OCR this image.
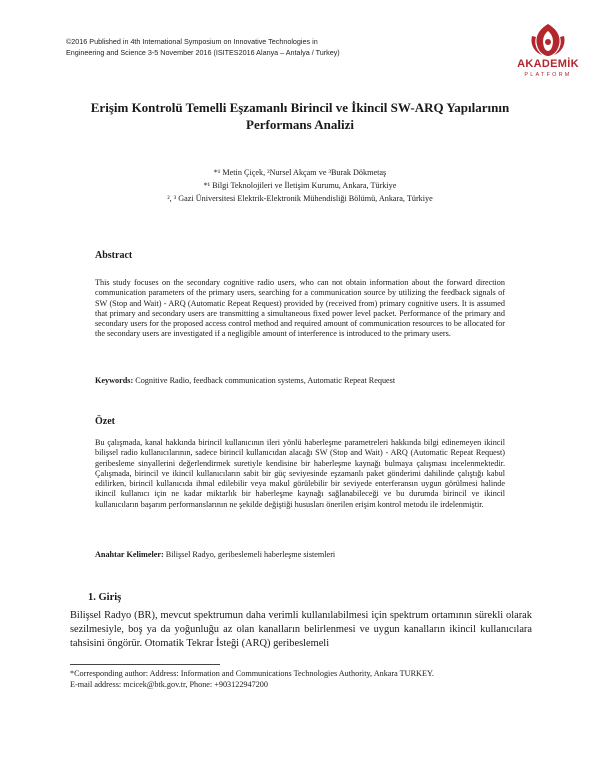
©2016 Published in 4th International Symposium on Innovative Technologies in
Engineering and Science 3-5 November 2016 (ISITES2016 Alanya – Antalya / Turkey)
AKADEMİK
PLATFORM
Erişim Kontrolü Temelli Eşzamanlı Birincil ve İkincil SW-ARQ Yapılarının
Performans Analizi
*¹ Metin Çiçek, ²Nursel Akçam ve ³Burak Dökmetaş
*¹ Bilgi Teknolojileri ve İletişim Kurumu, Ankara, Türkiye
², ³ Gazi Üniversitesi Elektrik-Elektronik Mühendisliği Bölümü, Ankara, Türkiye
Abstract
This study focuses on the secondary cognitive radio users, who can not obtain information about the forward direction communication parameters of the primary users, searching for a communication source by utilizing the feedback signals of SW (Stop and Wait) - ARQ (Automatic Repeat Request) provided by (received from) primary cognitive users. It is assumed that primary and secondary users are transmitting a simultaneous fixed power level packet. Performance of the primary and secondary users for the proposed access control method and required amount of communication resources to be allocated for the secondary users are investigated if a negligible amount of interference is introduced to the primary users.
Keywords: Cognitive Radio, feedback communication systems, Automatic Repeat Request
Özet
Bu çalışmada, kanal hakkında birincil kullanıcının ileri yönlü haberleşme parametreleri hakkında bilgi edinemeyen ikincil bilişsel radio kullanıcılarının, sadece birincil kullanıcıdan alacağı SW (Stop and Wait) - ARQ (Automatic Repeat Request) geribesleme sinyallerini değerlendirmek suretiyle kendisine bir haberleşme kaynağı bulmaya çalışması incelenmektedir. Çalışmada, birincil ve ikincil kullanıcıların sabit bir güç seviyesinde eşzamanlı paket gönderimi dahilinde çalıştığı kabul edilirken, birincil kullanıcıda ihmal edilebilir veya makul görülebilir bir seviyede enterferansın uygun görülmesi halinde ikincil kullanıcı için ne kadar miktarlık bir haberleşme kaynağı sağlanabileceği ve bu durumda birincil ve ikincil kullanıcıların başarım performanslarının ne şekilde değiştiği hususları önerilen erişim kontrol metodu ile irdelenmiştir.
Anahtar Kelimeler: Bilişsel Radyo, geribeslemeli haberleşme sistemleri
1. Giriş
Bilişsel Radyo (BR), mevcut spektrumun daha verimli kullanılabilmesi için spektrum ortamının sürekli olarak sezilmesiyle, boş ya da yoğunluğu az olan kanalların belirlenmesi ve uygun kanalların ikincil kullanıcılara tahsisini öngörür. Otomatik Tekrar İsteği (ARQ) geribeslemeli
*Corresponding author: Address: Information and Communications Technologies Authority, Ankara TURKEY.
E-mail address: mcicek@btk.gov.tr, Phone: +903122947200
